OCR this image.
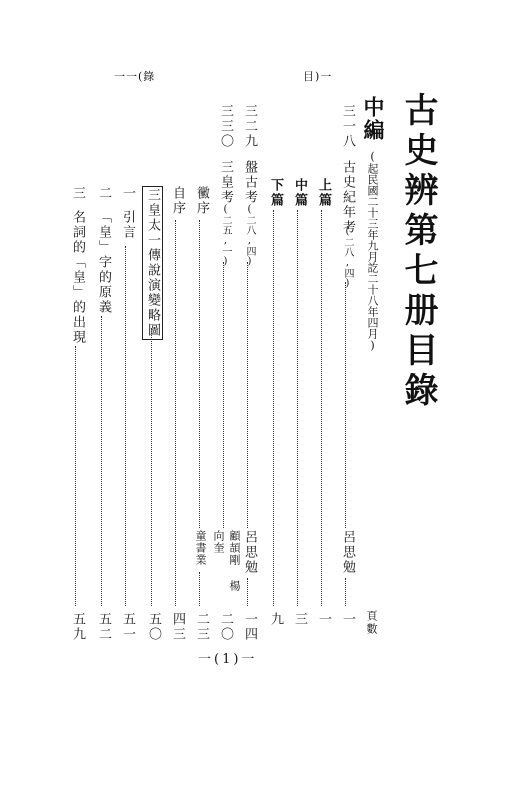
一一(錄	目)一
古史辨第七册目錄
中編
(起民國二十三年九月訖二十八年四月)
頁數
三一八
古史紀年考
(二八,四)
呂思勉
一
上篇
一
中篇
三
下篇
九
三二九
盤古考
(二八,四)
呂思勉
一四
三三〇
三皇考
(二五,一)
顧頡剛 楊向奎
二〇
黴序
童書業
二三
自序
四三
三皇太一傳說演變略圖
五〇
一
引言
五一
二
「皇」字的原義
五二
三
名詞的「皇」的出現
五九
一(1)一
